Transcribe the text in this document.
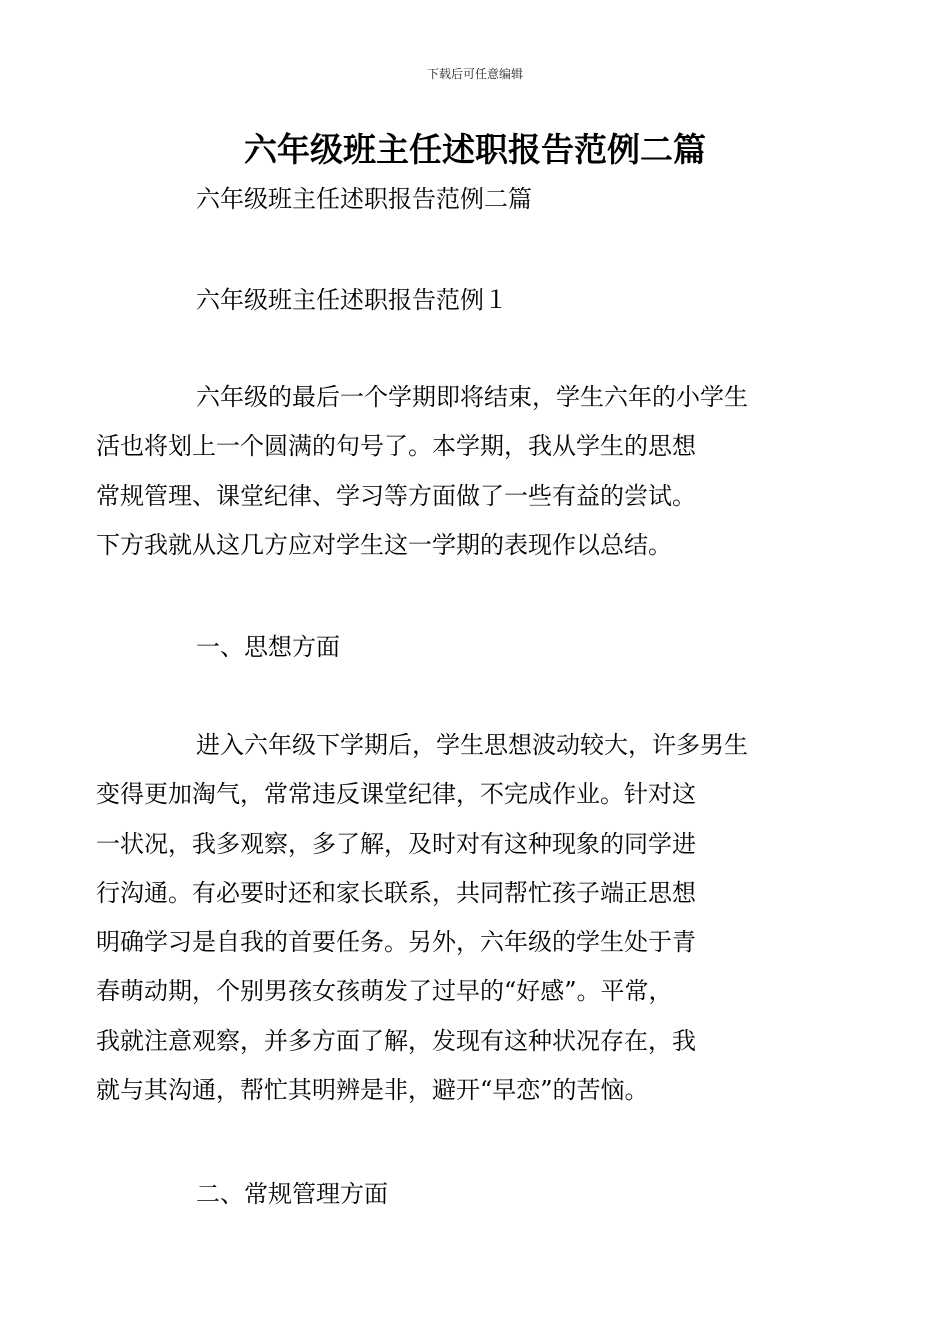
下载后可任意编辑
六年级班主任述职报告范例二篇

六年级班主任述职报告范例二篇

六年级班主任述职报告范例１

六年级的最后一个学期即将结束，学生六年的小学生
活也将划上一个圆满的句号了。本学期，我从学生的思想
常规管理、课堂纪律、学习等方面做了一些有益的尝试。
下方我就从这几方应对学生这一学期的表现作以总结。

一、思想方面

进入六年级下学期后，学生思想波动较大，许多男生
变得更加淘气，常常违反课堂纪律，不完成作业。针对这
一状况，我多观察，多了解，及时对有这种现象的同学进
行沟通。有必要时还和家长联系，共同帮忙孩子端正思想
明确学习是自我的首要任务。另外，六年级的学生处于青
春萌动期，个别男孩女孩萌发了过早的“好感”。平常，
我就注意观察，并多方面了解，发现有这种状况存在，我
就与其沟通，帮忙其明辨是非，避开“早恋”的苦恼。

二、常规管理方面
